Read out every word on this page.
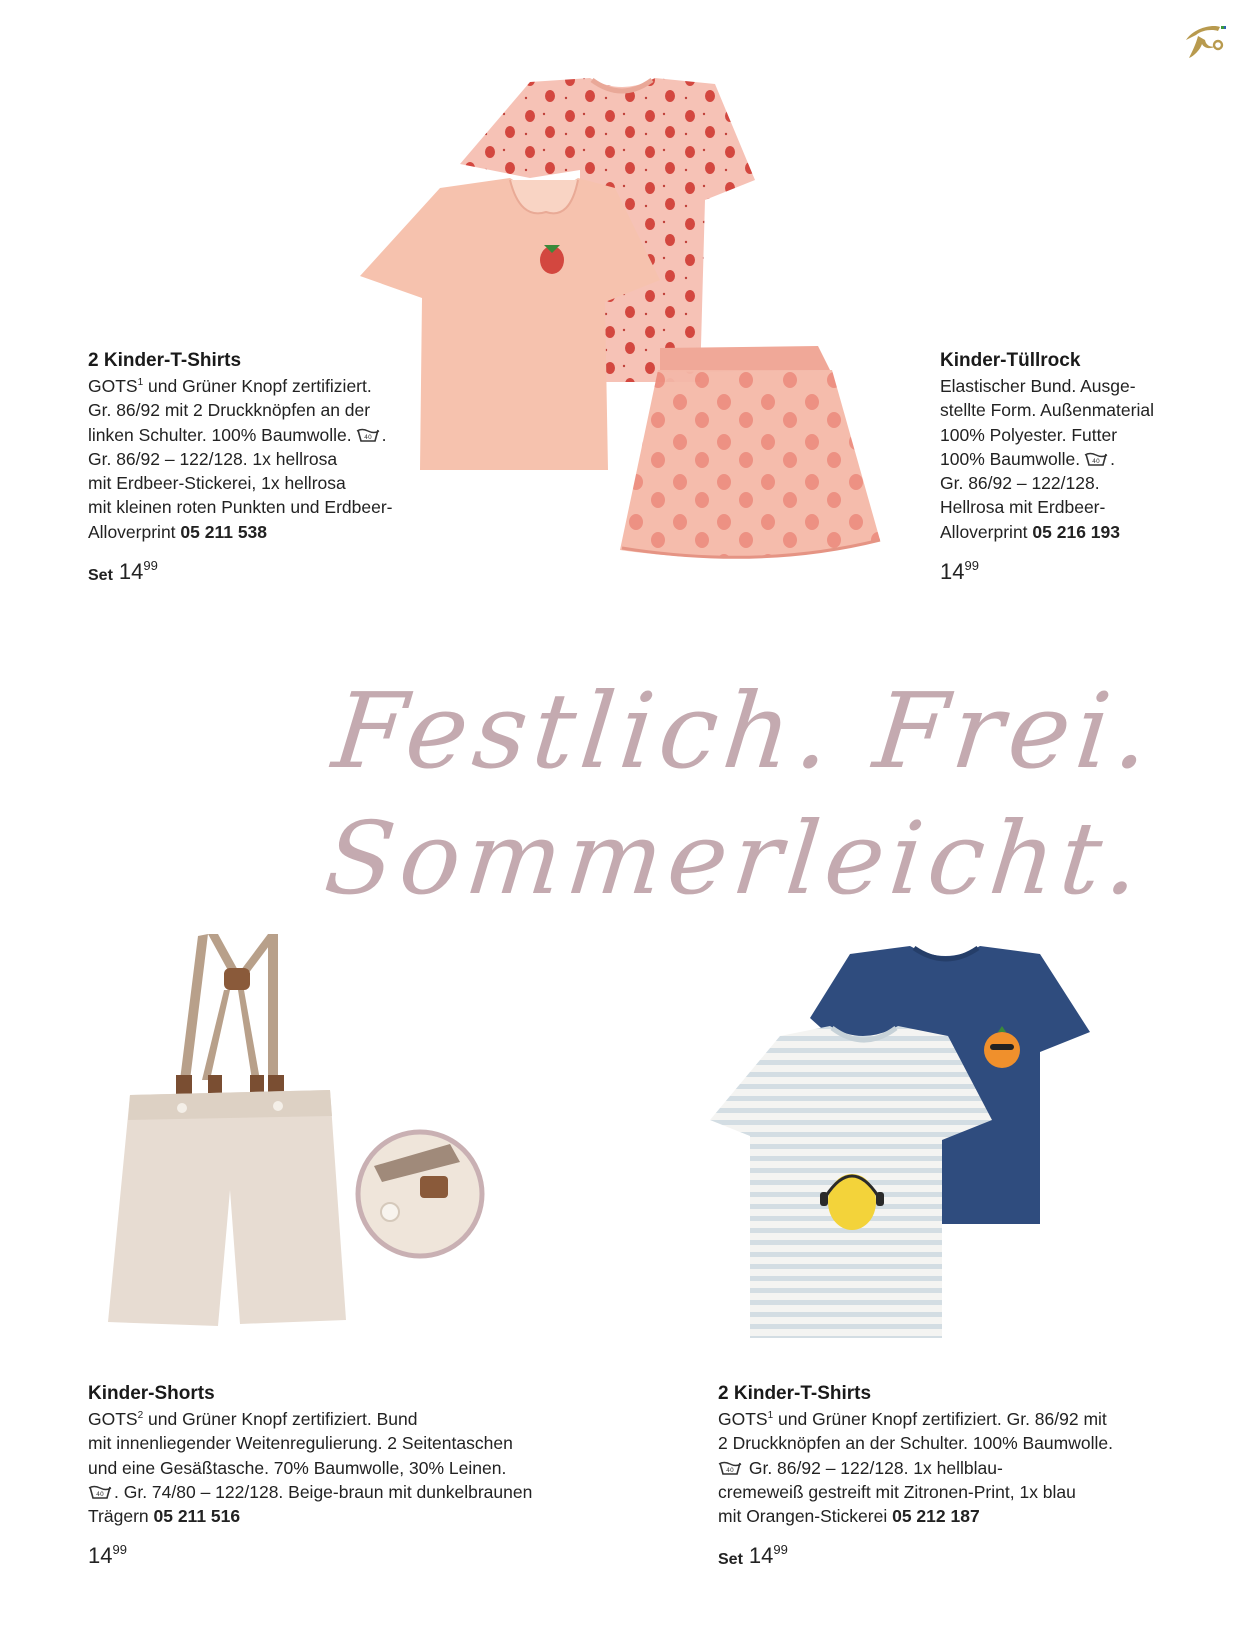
Festlich. Frei.
Sommerleicht.
2 Kinder-T-Shirts
GOTS$^1$ und Grüner Knopf zertifiziert.
Gr. 86/92 mit 2 Druckknöpfen an der
linken Schulter. 100% Baumwolle. 40 .
Gr. 86/92 – 122/128. 1x hellrosa
mit Erdbeer-Stickerei, 1x hellrosa
mit kleinen roten Punkten und Erdbeer-
Alloverprint 05 211 538
Set $14^{99}$
Kinder-Tüllrock
Elastischer Bund. Ausge-
stellte Form. Außenmaterial
100% Polyester. Futter
100% Baumwolle. 40 .
Gr. 86/92 – 122/128.
Hellrosa mit Erdbeer-
Alloverprint 05 216 193
$14^{99}$
Kinder-Shorts
GOTS$^2$ und Grüner Knopf zertifiziert. Bund
mit innenliegender Weitenregulierung. 2 Seitentaschen
und eine Gesäßtasche. 70% Baumwolle, 30% Leinen.
40 . Gr. 74/80 – 122/128. Beige-braun mit dunkelbraunen
Trägern 05 211 516
$14^{99}$
2 Kinder-T-Shirts
GOTS$^1$ und Grüner Knopf zertifiziert. Gr. 86/92 mit
2 Druckknöpfen an der Schulter. 100% Baumwolle.
40 Gr. 86/92 – 122/128. 1x hellblau-
cremeweiß gestreift mit Zitronen-Print, 1x blau
mit Orangen-Stickerei 05 212 187
Set $14^{99}$
